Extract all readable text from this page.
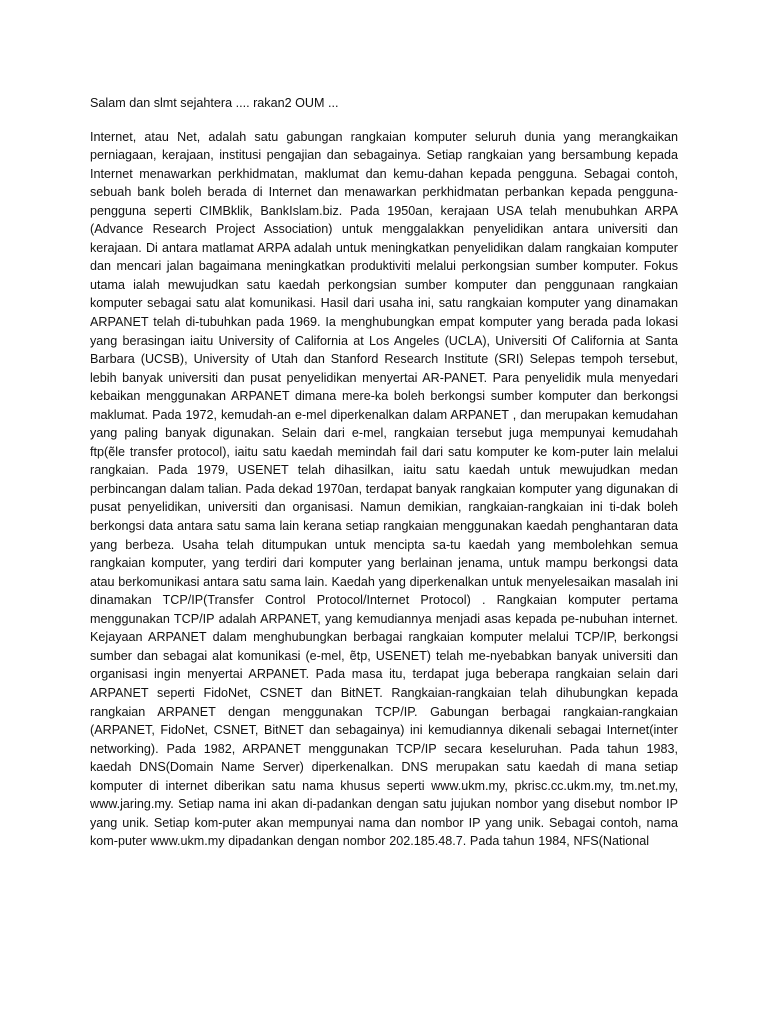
Salam dan slmt sejahtera .... rakan2 OUM ...

Internet, atau Net, adalah satu gabungan rangkaian komputer seluruh dunia yang merangkaikan perniagaan, kerajaan, institusi pengajian dan sebagainya. Setiap rangkaian yang bersambung kepada Internet menawarkan perkhidmatan, maklumat dan kemu-dahan kepada pengguna. Sebagai contoh, sebuah bank boleh berada di Internet dan menawarkan perkhidmatan perbankan kepada pengguna-pengguna seperti CIMBklik, BankIslam.biz. Pada 1950an, kerajaan USA telah menubuhkan ARPA (Advance Research Project Association) untuk menggalakkan penyelidikan antara universiti dan kerajaan. Di antara matlamat ARPA adalah untuk meningkatkan penyelidikan dalam rangkaian komputer dan mencari jalan bagaimana meningkatkan produktiviti melalui perkongsian sumber komputer. Fokus utama ialah mewujudkan satu kaedah perkongsian sumber komputer dan penggunaan rangkaian komputer sebagai satu alat komunikasi. Hasil dari usaha ini, satu rangkaian komputer yang dinamakan ARPANET telah di-tubuhkan pada 1969. Ia menghubungkan empat komputer yang berada pada lokasi yang berasingan iaitu University of California at Los Angeles (UCLA), Universiti Of California at Santa Barbara (UCSB), University of Utah dan Stanford Research Institute (SRI) Selepas tempoh tersebut, lebih banyak universiti dan pusat penyelidikan menyertai AR-PANET. Para penyelidik mula menyedari kebaikan menggunakan ARPANET dimana mere-ka boleh berkongsi sumber komputer dan berkongsi maklumat. Pada 1972, kemudah-an e-mel diperkenalkan dalam ARPANET , dan merupakan kemudahan yang paling banyak digunakan. Selain dari e-mel, rangkaian tersebut juga mempunyai kemudahah ftp(ẽle transfer protocol), iaitu satu kaedah memindah fail dari satu komputer ke kom-puter lain melalui rangkaian. Pada 1979, USENET telah dihasilkan, iaitu satu kaedah untuk mewujudkan medan perbincangan dalam talian. Pada dekad 1970an, terdapat banyak rangkaian komputer yang digunakan di pusat penyelidikan, universiti dan organisasi. Namun demikian, rangkaian-rangkaian ini ti-dak boleh berkongsi data antara satu sama lain kerana setiap rangkaian menggunakan kaedah penghantaran data yang berbeza. Usaha telah ditumpukan untuk mencipta sa-tu kaedah yang membolehkan semua rangkaian komputer, yang terdiri dari komputer yang berlainan jenama, untuk mampu berkongsi data atau berkomunikasi antara satu sama lain. Kaedah yang diperkenalkan untuk menyelesaikan masalah ini dinamakan TCP/IP(Transfer Control Protocol/Internet Protocol) . Rangkaian komputer pertama menggunakan TCP/IP adalah ARPANET, yang kemudiannya menjadi asas kepada pe-nubuhan internet. Kejayaan ARPANET dalam menghubungkan berbagai rangkaian komputer melalui TCP/IP, berkongsi sumber dan sebagai alat komunikasi (e-mel, ẽtp, USENET) telah me-nyebabkan banyak universiti dan organisasi ingin menyertai ARPANET. Pada masa itu, terdapat juga beberapa rangkaian selain dari ARPANET seperti FidoNet, CSNET dan BitNET. Rangkaian-rangkaian telah dihubungkan kepada rangkaian ARPANET dengan menggunakan TCP/IP. Gabungan berbagai rangkaian-rangkaian (ARPANET, FidoNet, CSNET, BitNET dan sebagainya) ini kemudiannya dikenali sebagai Internet(inter networking). Pada 1982, ARPANET menggunakan TCP/IP secara keseluruhan. Pada tahun 1983, kaedah DNS(Domain Name Server) diperkenalkan. DNS merupakan satu kaedah di mana setiap komputer di internet diberikan satu nama khusus seperti www.ukm.my, pkrisc.cc.ukm.my, tm.net.my, www.jaring.my. Setiap nama ini akan di-padankan dengan satu jujukan nombor yang disebut nombor IP yang unik. Setiap kom-puter akan mempunyai nama dan nombor IP yang unik. Sebagai contoh, nama kom-puter www.ukm.my dipadankan dengan nombor 202.185.48.7. Pada tahun 1984, NFS(National
